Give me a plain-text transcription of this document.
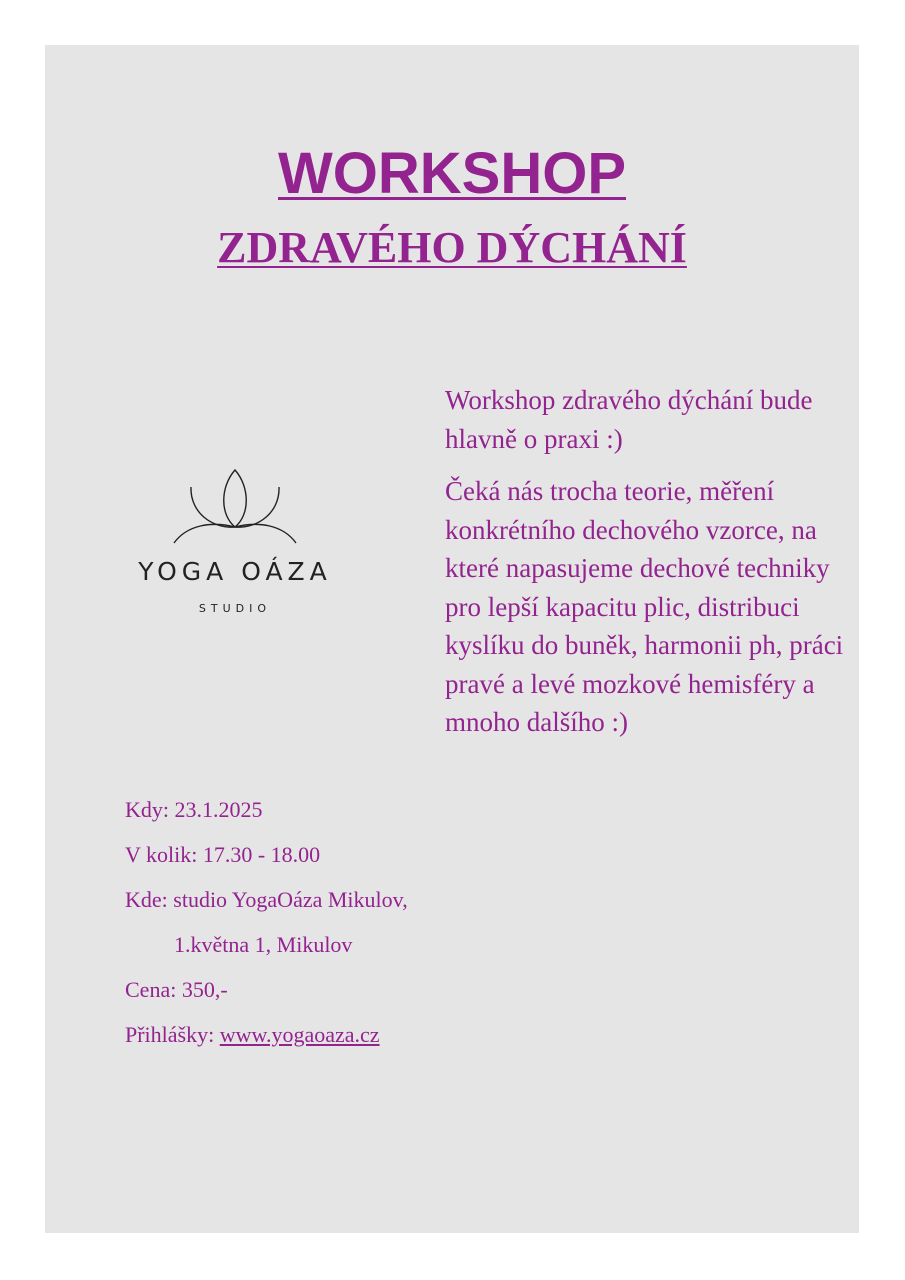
WORKSHOP
ZDRAVÉHO DÝCHÁNÍ
YOGA OÁZA
STUDIO

Workshop zdravého dýchání bude hlavně o praxi :)

Čeká nás trocha teorie, měření konkrétního dechového vzorce, na které napasujeme dechové techniky pro lepší kapacitu plic, distribuci kyslíku do buněk, harmonii ph, práci pravé a levé mozkové hemisféry a mnoho dalšího :)

Kdy: 23.1.2025
V kolik: 17.30 - 18.00
Kde: studio YogaOáza Mikulov,
1.května 1, Mikulov
Cena: 350,-
Přihlášky: www.yogaoaza.cz
